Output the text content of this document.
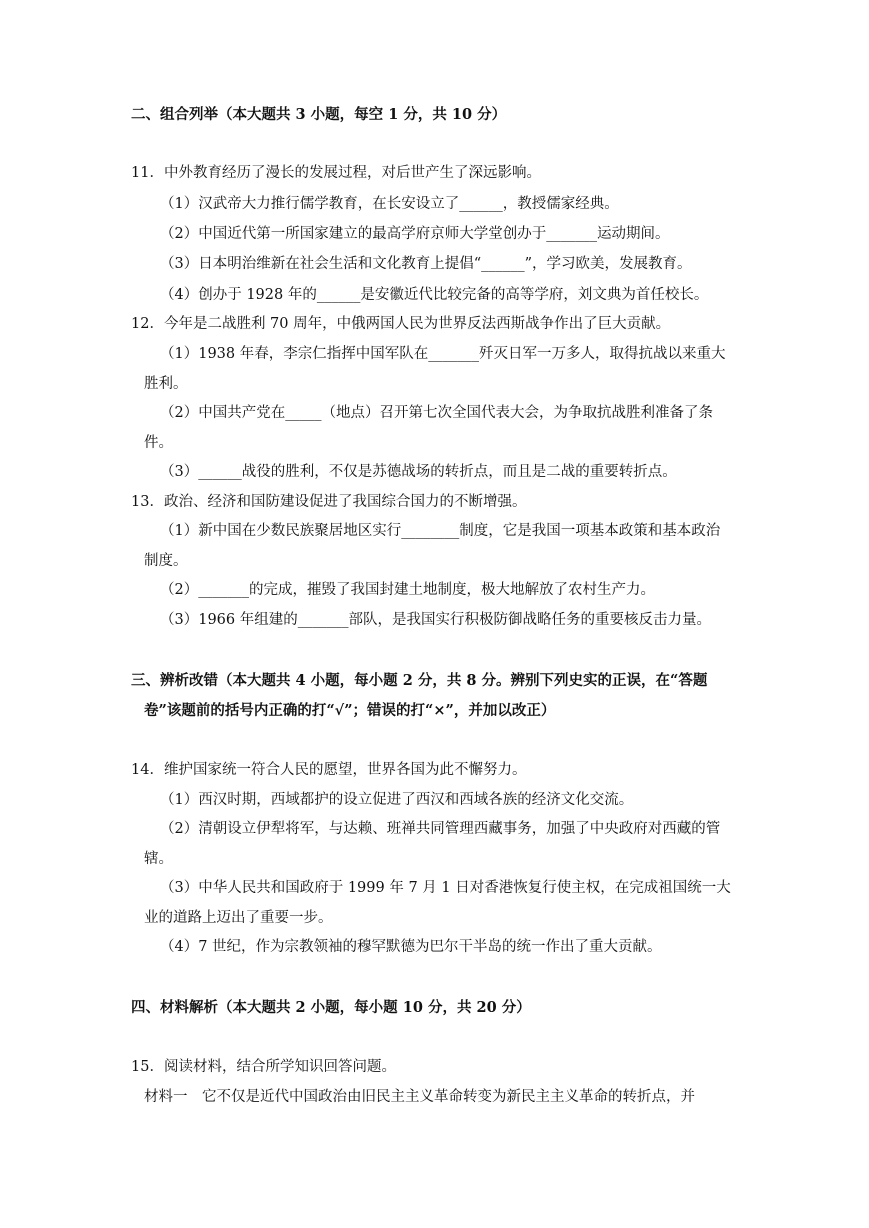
二、组合列举（本大题共 3 小题，每空 1 分，共 10 分）
11．中外教育经历了漫长的发展过程，对后世产生了深远影响。
（1）汉武帝大力推行儒学教育，在长安设立了______，教授儒家经典。
（2）中国近代第一所国家建立的最高学府京师大学堂创办于_______运动期间。
（3）日本明治维新在社会生活和文化教育上提倡“______”，学习欧美，发展教育。
（4）创办于 1928 年的______是安徽近代比较完备的高等学府，刘文典为首任校长。
12．今年是二战胜利 70 周年，中俄两国人民为世界反法西斯战争作出了巨大贡献。
（1）1938 年春，李宗仁指挥中国军队在_______歼灭日军一万多人，取得抗战以来重大
胜利。
（2）中国共产党在_____（地点）召开第七次全国代表大会，为争取抗战胜利准备了条
件。
（3）______战役的胜利，不仅是苏德战场的转折点，而且是二战的重要转折点。
13．政治、经济和国防建设促进了我国综合国力的不断增强。
（1）新中国在少数民族聚居地区实行________制度，它是我国一项基本政策和基本政治
制度。
（2）_______的完成，摧毁了我国封建土地制度，极大地解放了农村生产力。
（3）1966 年组建的_______部队，是我国实行积极防御战略任务的重要核反击力量。
三、辨析改错（本大题共 4 小题，每小题 2 分，共 8 分。辨别下列史实的正误，在“答题
卷”该题前的括号内正确的打“√”；错误的打“×”，并加以改正）
14．维护国家统一符合人民的愿望，世界各国为此不懈努力。
（1）西汉时期，西域都护的设立促进了西汉和西域各族的经济文化交流。
（2）清朝设立伊犁将军，与达赖、班禅共同管理西藏事务，加强了中央政府对西藏的管
辖。
（3）中华人民共和国政府于 1999 年 7 月 1 日对香港恢复行使主权，在完成祖国统一大
业的道路上迈出了重要一步。
（4）7 世纪，作为宗教领袖的穆罕默德为巴尔干半岛的统一作出了重大贡献。
四、材料解析（本大题共 2 小题，每小题 10 分，共 20 分）
15．阅读材料，结合所学知识回答问题。
材料一　它不仅是近代中国政治由旧民主主义革命转变为新民主主义革命的转折点，并
